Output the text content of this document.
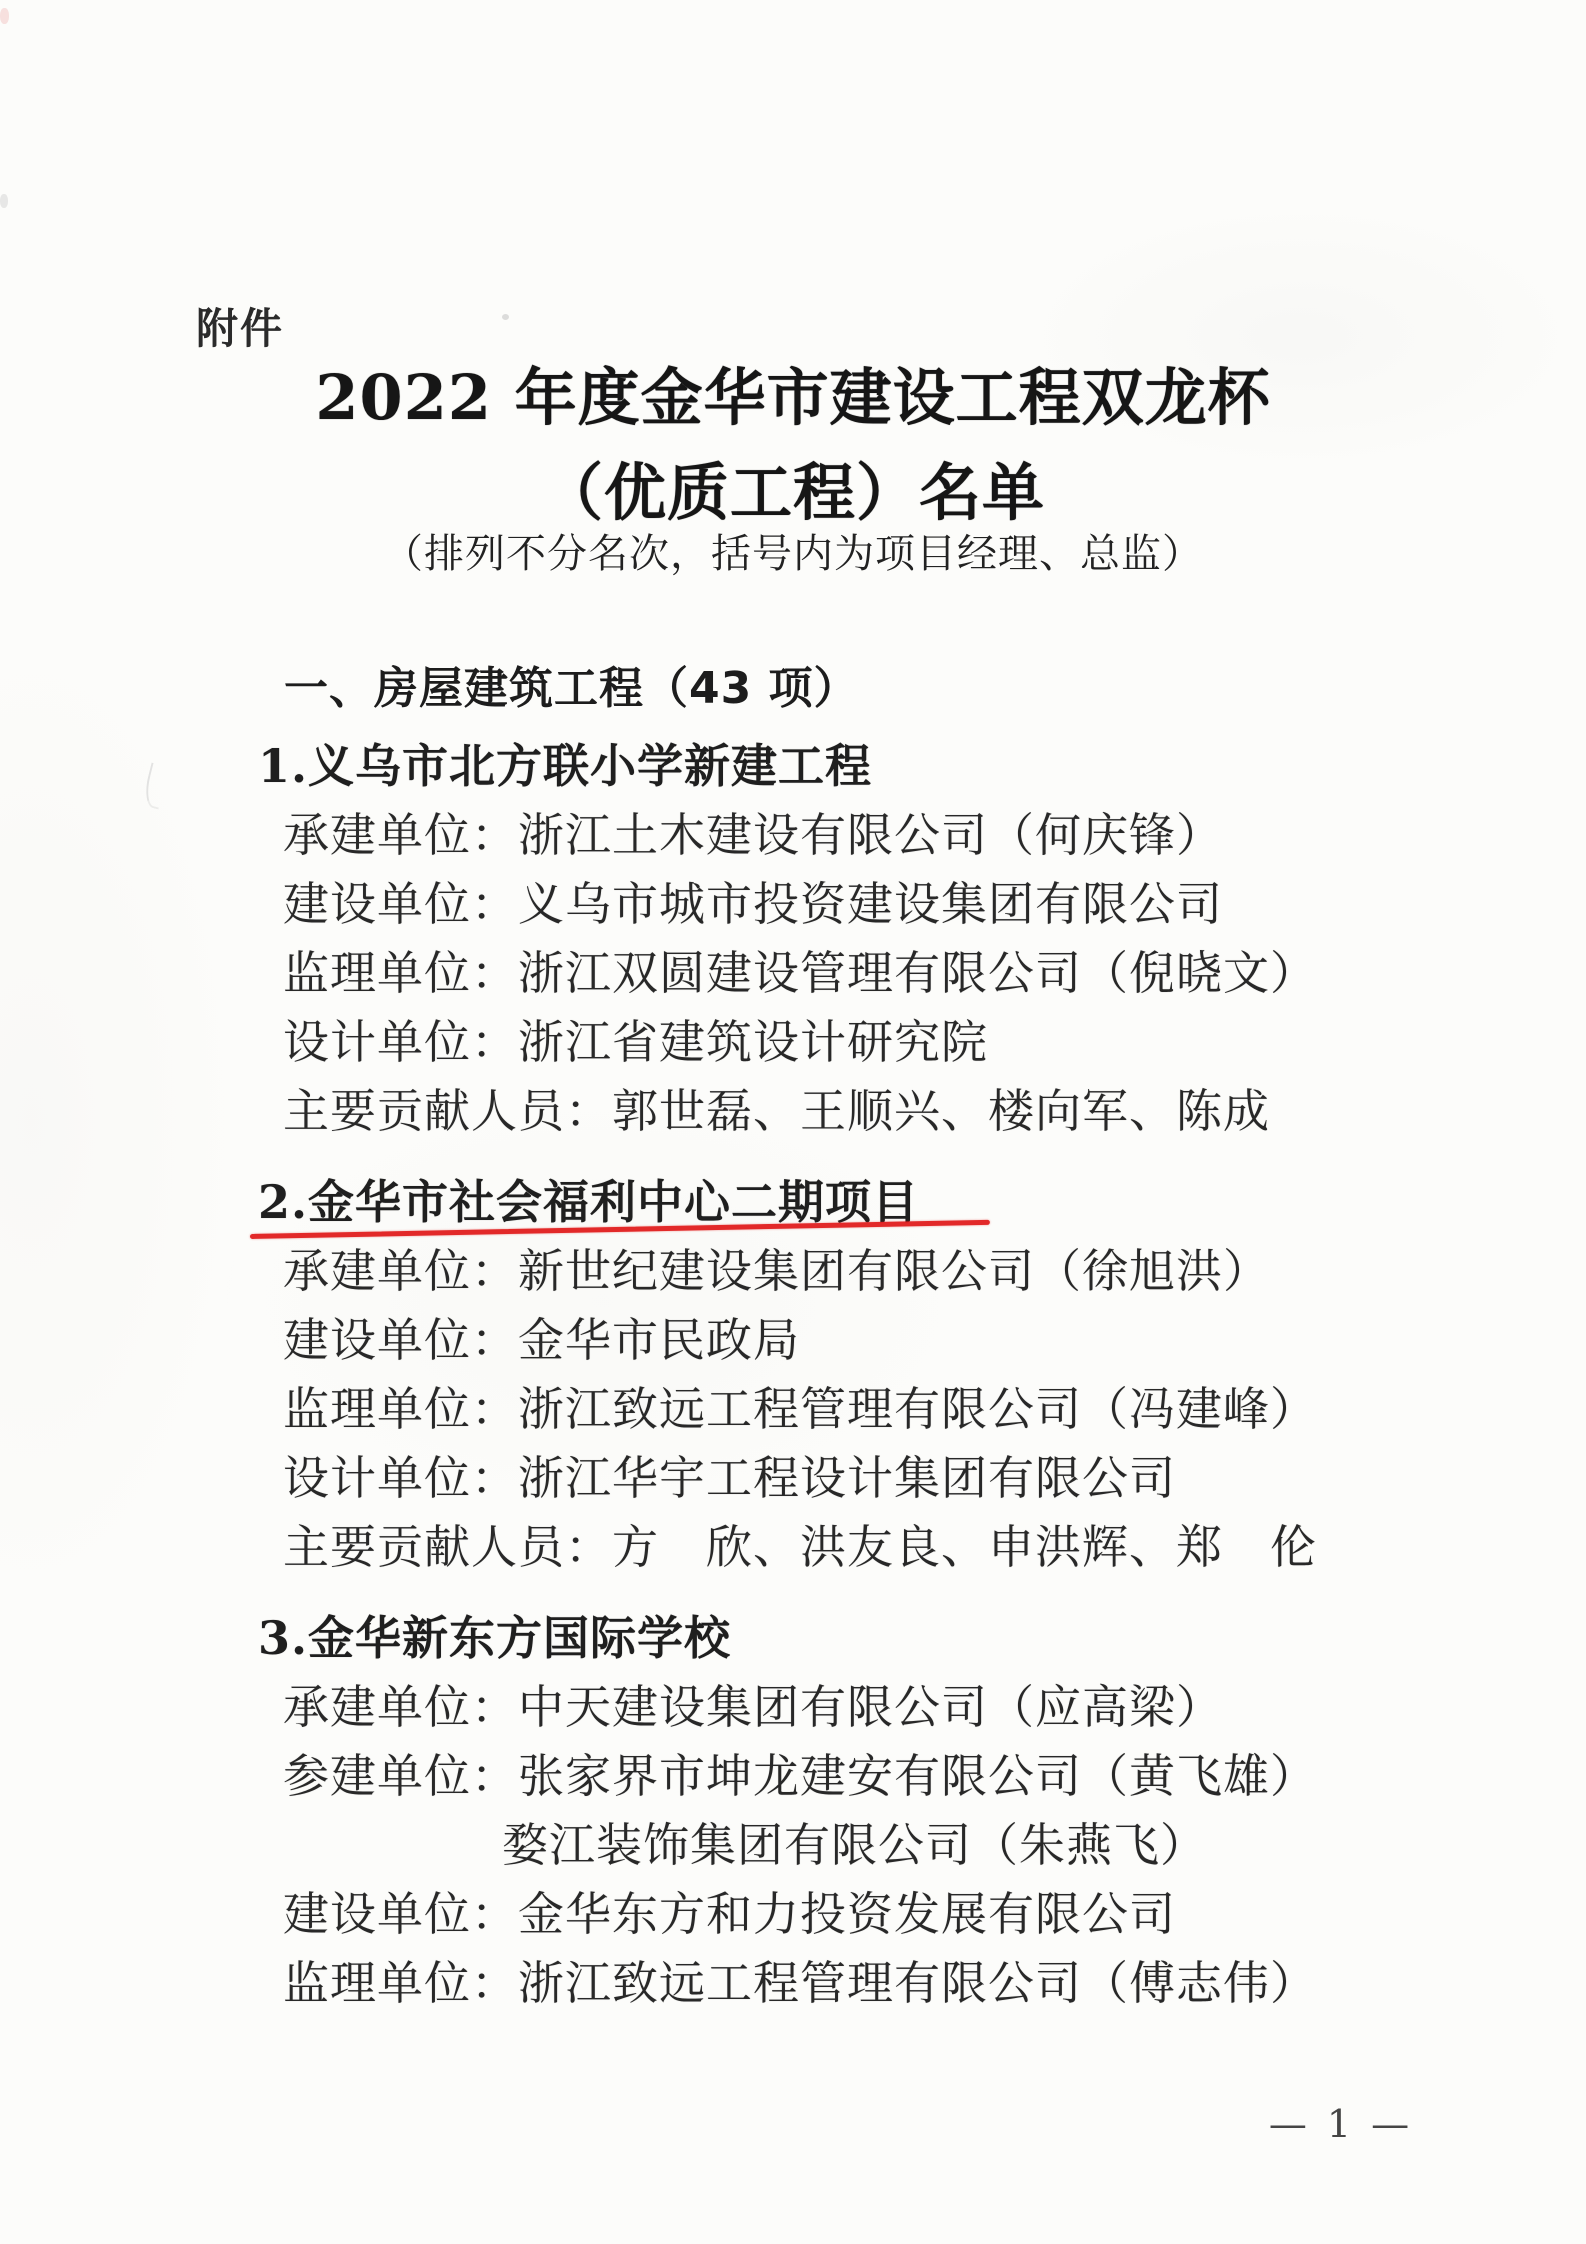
附件
2022 年度金华市建设工程双龙杯
（优质工程）名单
（排列不分名次，括号内为项目经理、总监）
一、房屋建筑工程（43 项）
1.义乌市北方联小学新建工程
承建单位：浙江土木建设有限公司（何庆锋）
建设单位：义乌市城市投资建设集团有限公司
监理单位：浙江双圆建设管理有限公司（倪晓文）
设计单位：浙江省建筑设计研究院
主要贡献人员：郭世磊、王顺兴、楼向军、陈成
2.金华市社会福利中心二期项目
承建单位：新世纪建设集团有限公司（徐旭洪）
建设单位：金华市民政局
监理单位：浙江致远工程管理有限公司（冯建峰）
设计单位：浙江华宇工程设计集团有限公司
主要贡献人员：方　欣、洪友良、申洪辉、郑　伦
3.金华新东方国际学校
承建单位：中天建设集团有限公司（应高梁）
参建单位：张家界市坤龙建安有限公司（黄飞雄）
婺江装饰集团有限公司（朱燕飞）
建设单位：金华东方和力投资发展有限公司
监理单位：浙江致远工程管理有限公司（傅志伟）
— 1 —
